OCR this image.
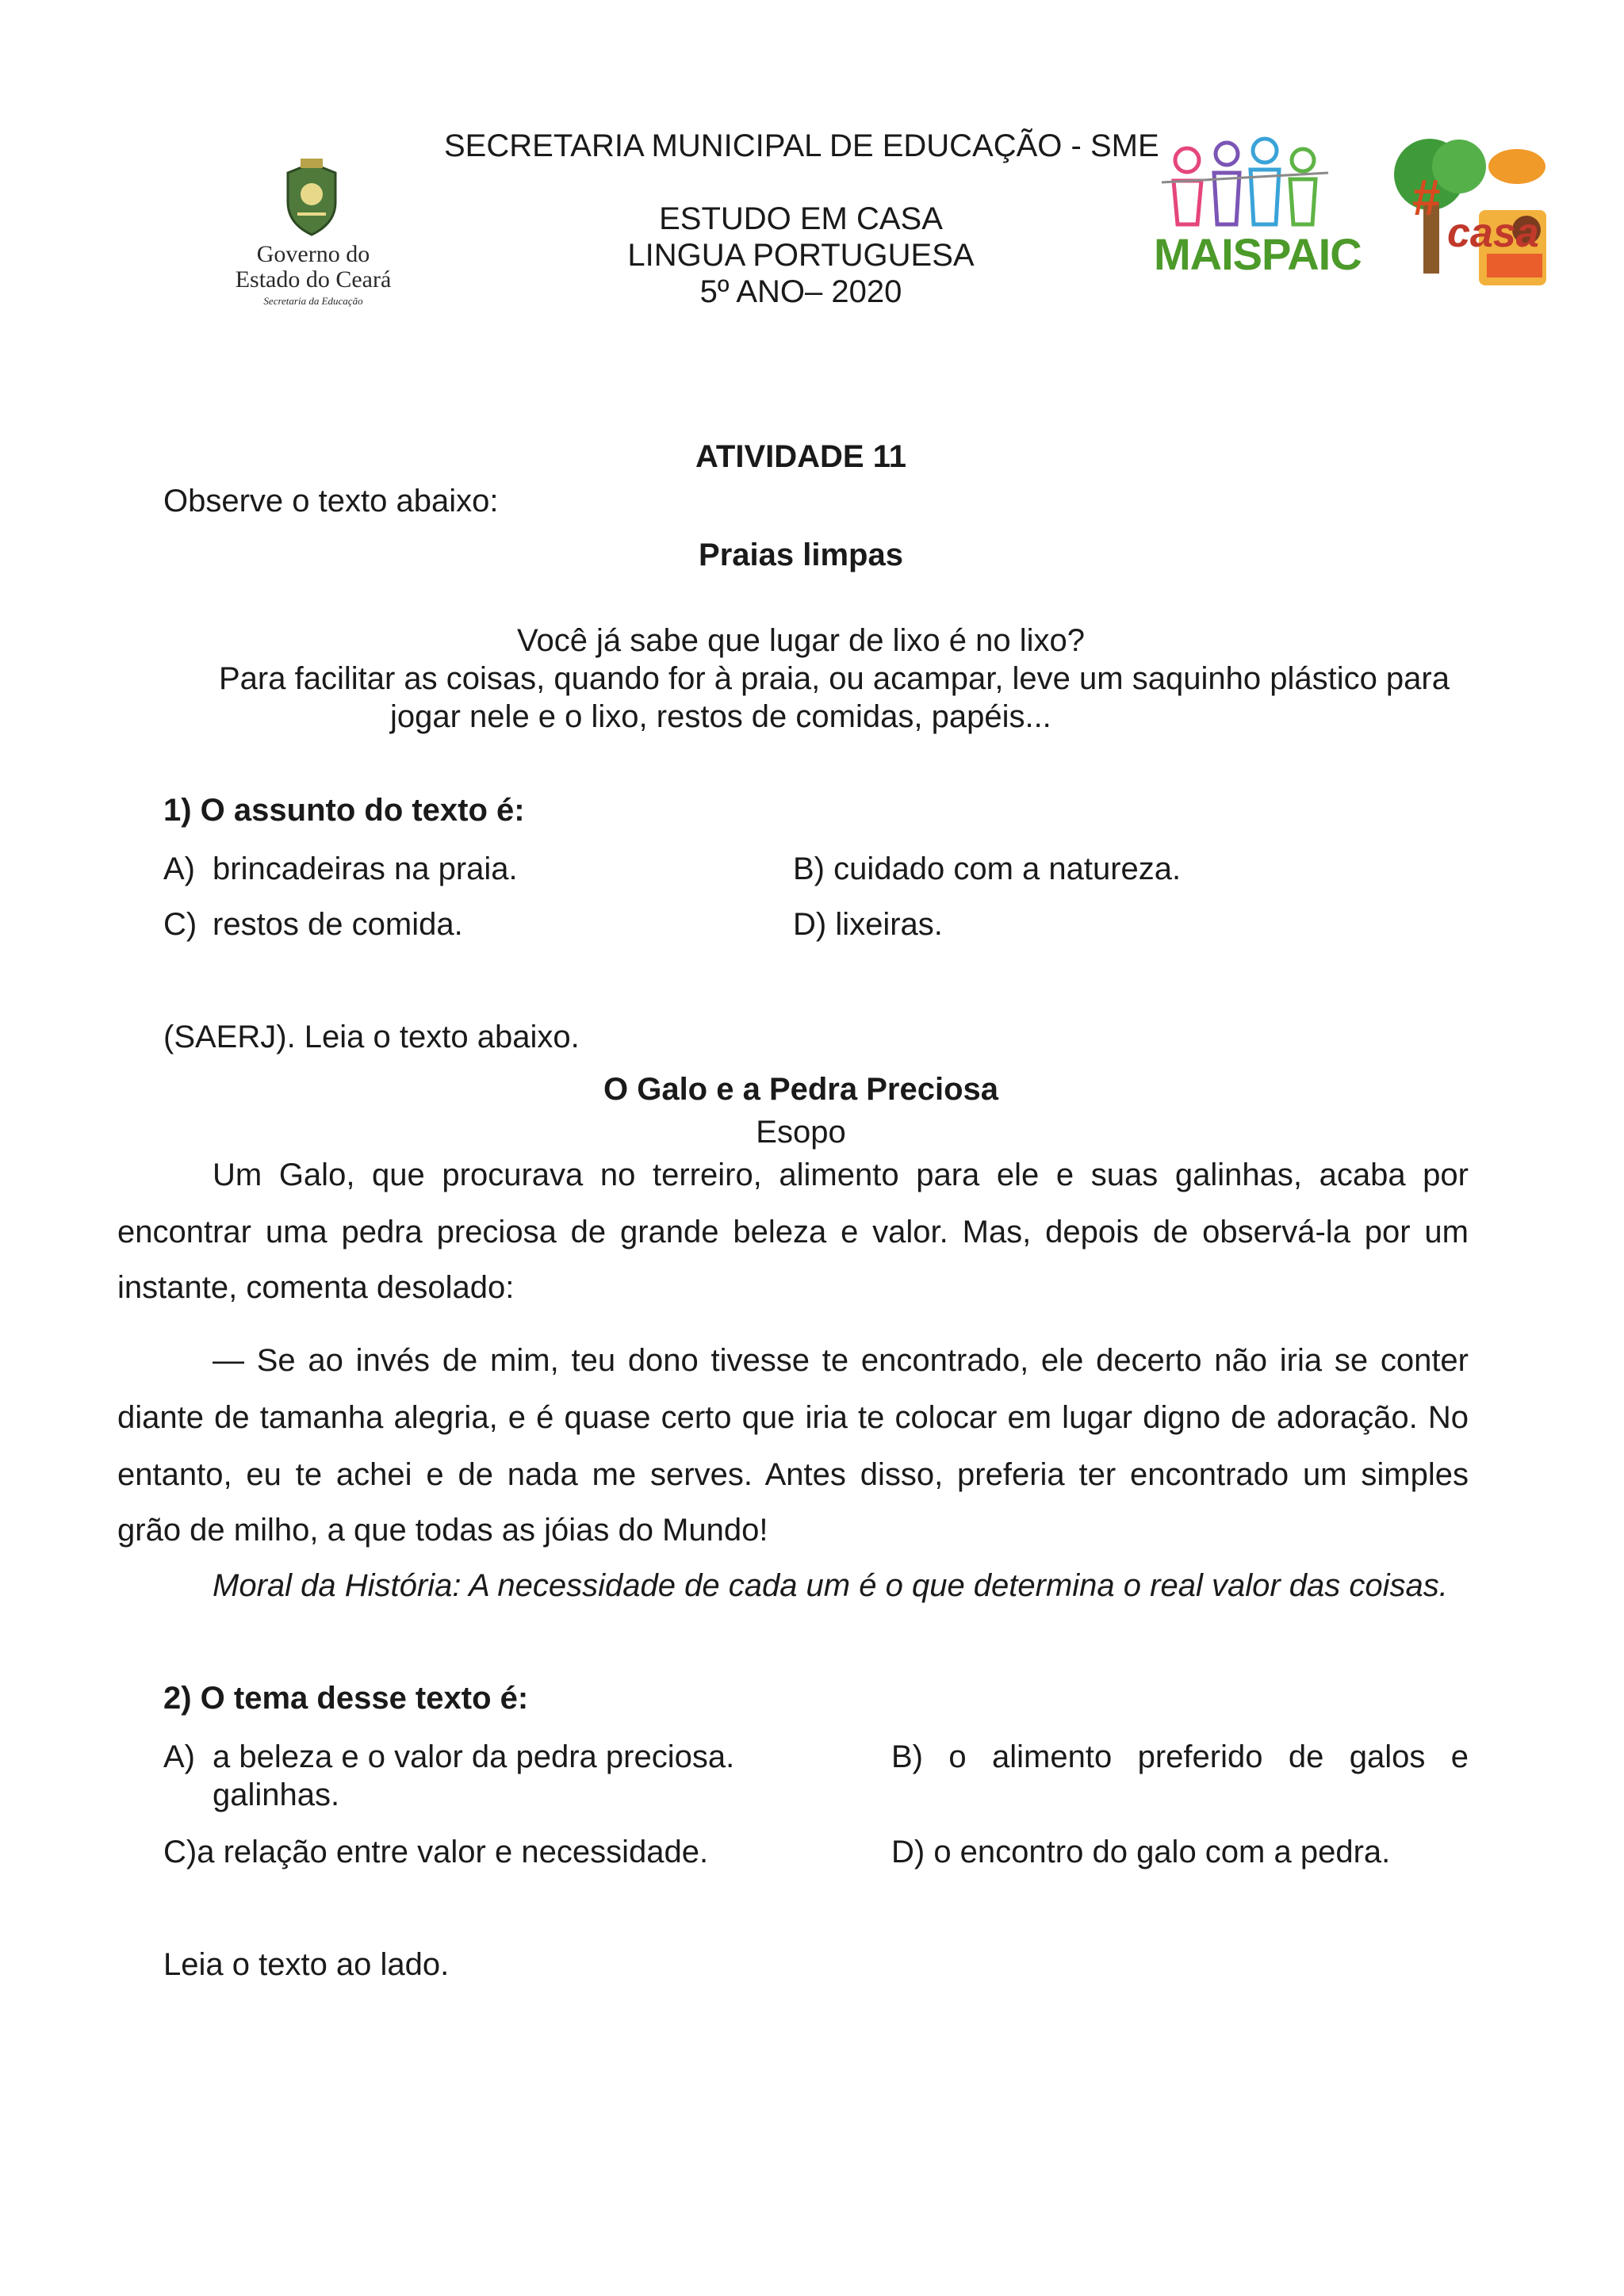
Governo do
Estado do Ceará
Secretaria da Educação
MAISPAIC
#
casa
SECRETARIA MUNICIPAL DE EDUCAÇÃO - SME
ESTUDO EM CASA
LINGUA PORTUGUESA
5º ANO– 2020
ATIVIDADE 11
Observe o texto abaixo:
Praias limpas
Você já sabe que lugar de lixo é no lixo?
Para facilitar as coisas, quando for à praia, ou acampar, leve um saquinho plástico para
jogar nele e o lixo, restos de comidas, papéis...
1) O assunto do texto é:
A) brincadeiras na praia.	B) cuidado com a natureza.
C) restos de comida.	D) lixeiras.
(SAERJ). Leia o texto abaixo.
O Galo e a Pedra Preciosa
Esopo
Um Galo, que procurava no terreiro, alimento para ele e suas galinhas, acaba por
encontrar uma pedra preciosa de grande beleza e valor. Mas, depois de observá-la por um
instante, comenta desolado:
— Se ao invés de mim, teu dono tivesse te encontrado, ele decerto não iria se conter
diante de tamanha alegria, e é quase certo que iria te colocar em lugar digno de adoração. No
entanto, eu te achei e de nada me serves. Antes disso, preferia ter encontrado um simples
grão de milho, a que todas as jóias do Mundo!
Moral da História: A necessidade de cada um é o que determina o real valor das coisas.
2) O tema desse texto é:
A) a beleza e o valor da pedra preciosa.
galinhas.
B)  o  alimento  preferido  de  galos  e
C)a relação entre valor e necessidade.	D) o encontro do galo com a pedra.
Leia o texto ao lado.
